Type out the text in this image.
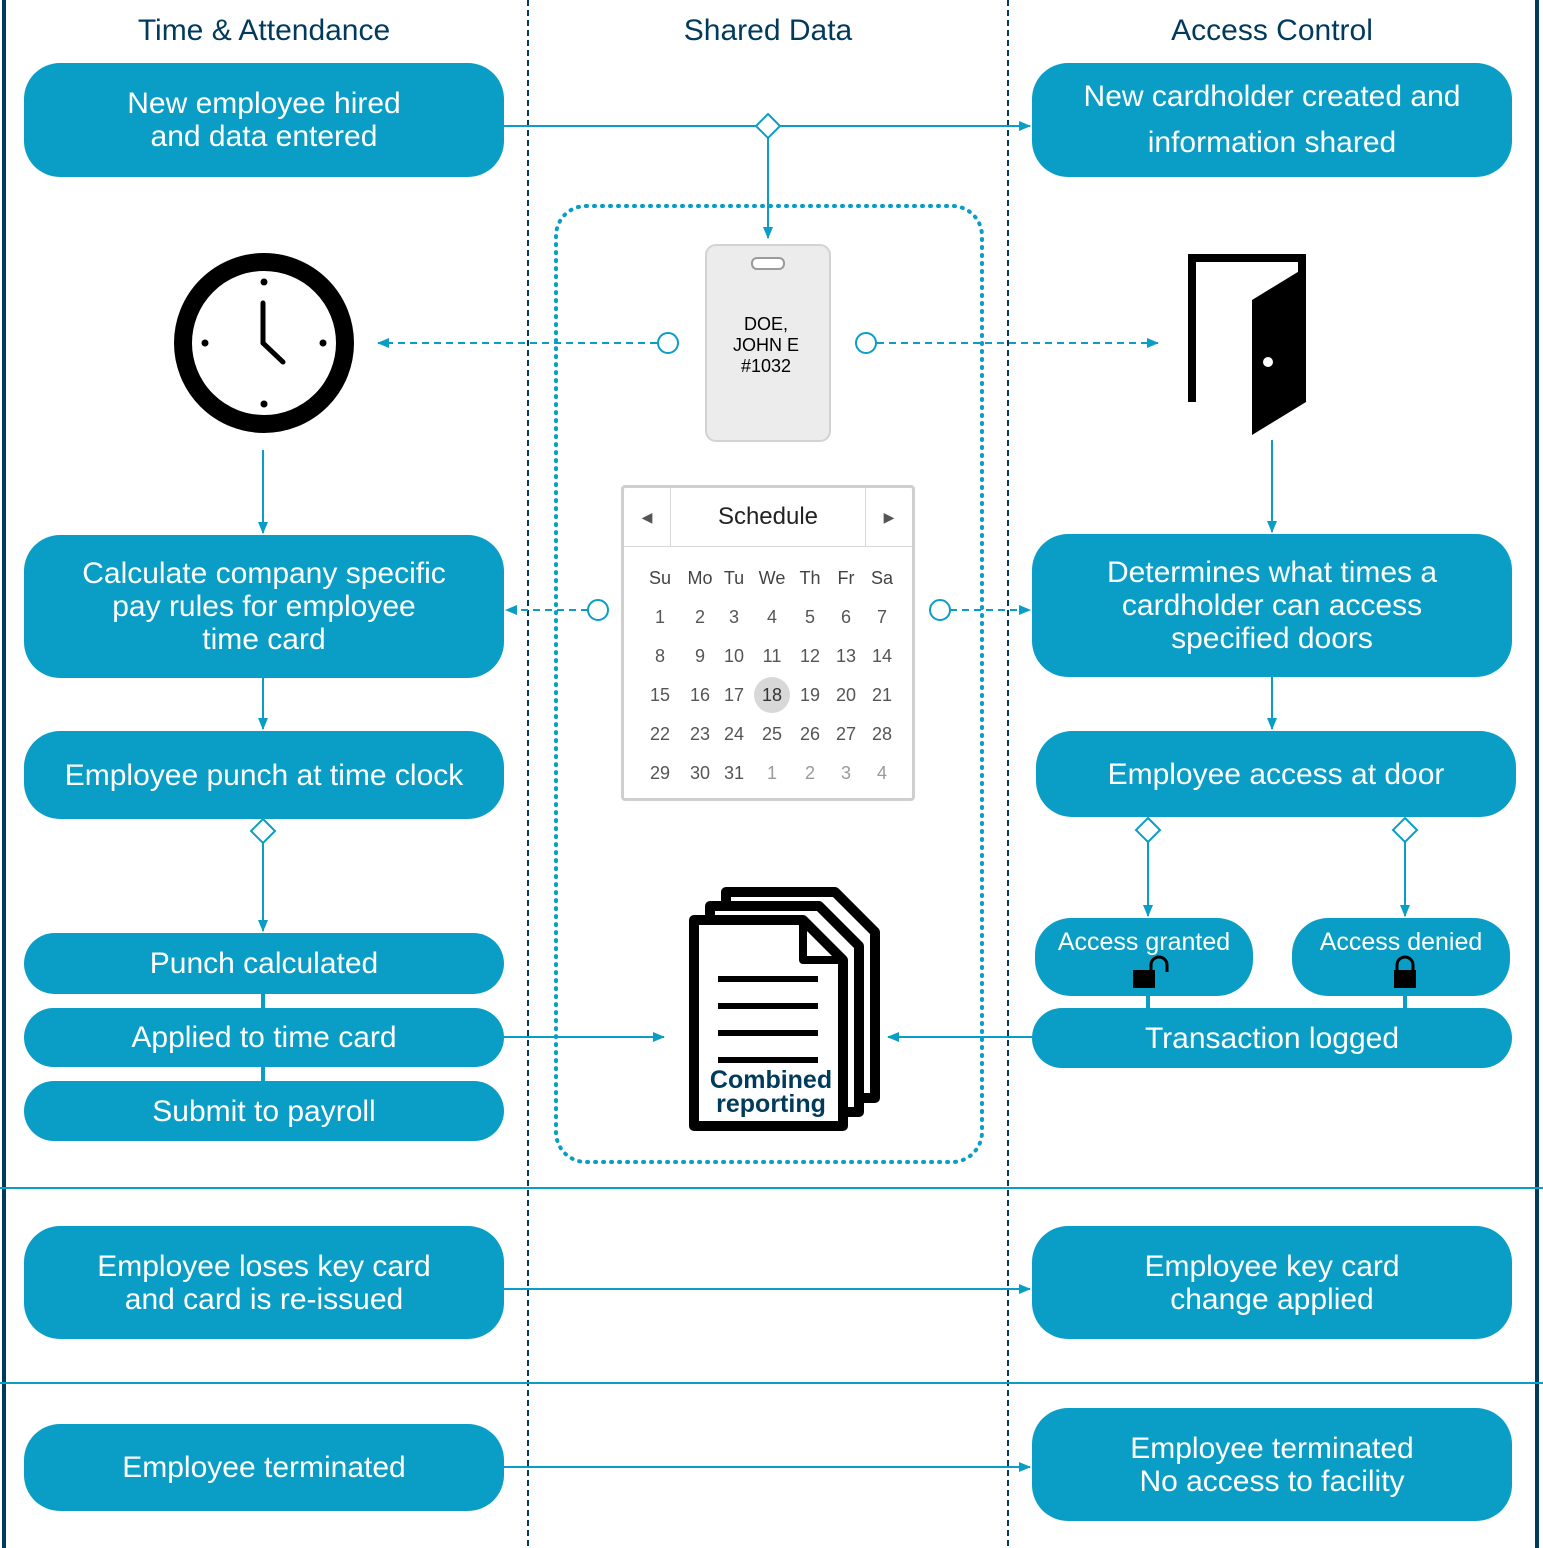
Time & Attendance	Shared Data	Access Control
New employee hired
and data entered
Calculate company specific
pay rules for employee
time card
Employee punch at time clock
Punch calculated
Applied to time card
Submit to payroll
Employee loses key card
and card is re-issued
Employee terminated
New cardholder created and
information shared
Determines what times a
cardholder can access
specified doors
Employee access at door
Access granted	Access denied
Transaction logged
Employee key card
change applied
Employee terminated
No access to facility
DOE,
JOHN E
#1032
◀	Schedule	▶
Su Mo Tu We Th Fr Sa
1	2	3	4	5	6	7
8	9	10	11	12 13 14
15	16 17 18 19 20 21
22	23 24 25 26 27 28
29	30 31	1	2	3	4
Combined
reporting
